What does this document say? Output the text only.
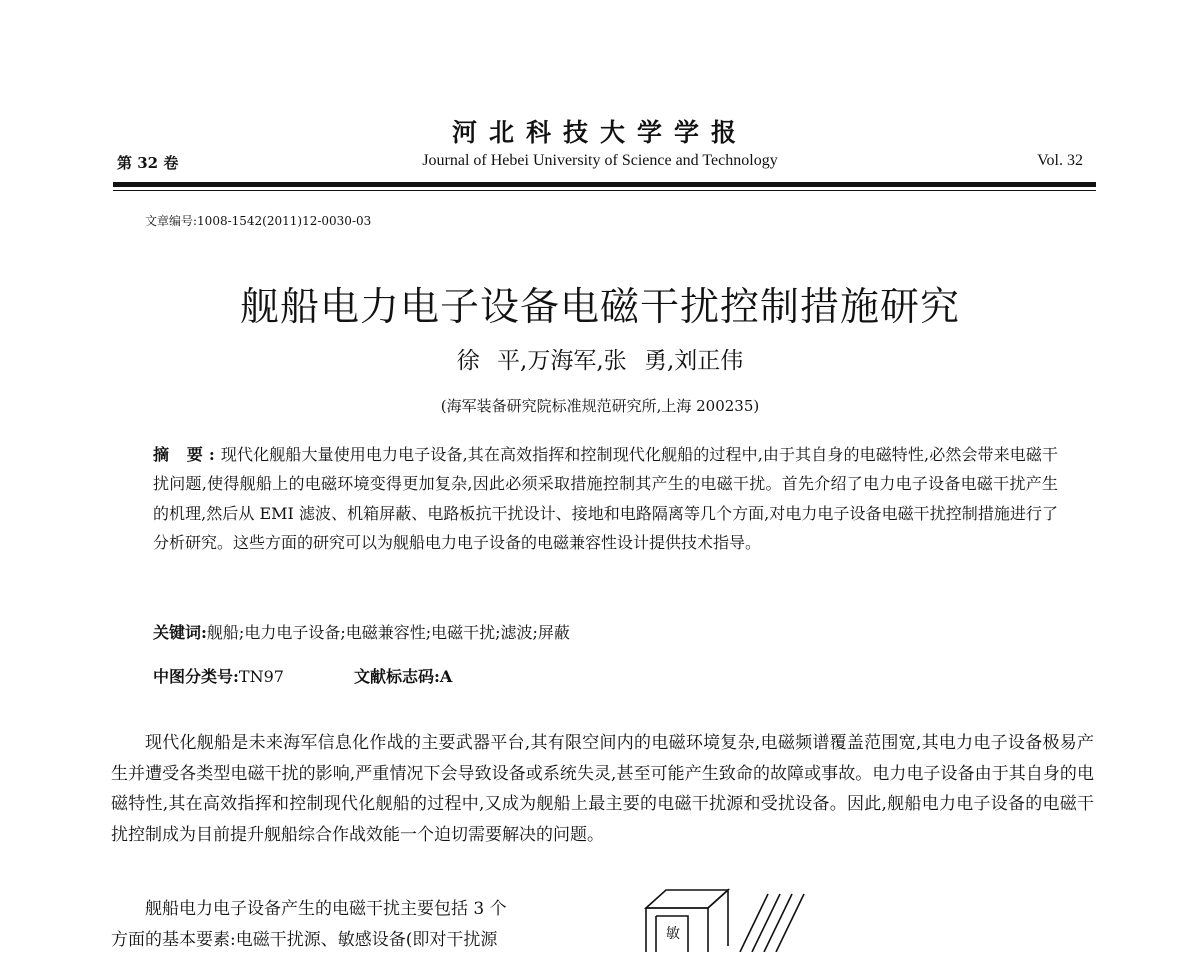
河北科技大学学报
第 32 卷	Journal of Hebei University of Science and Technology	Vol. 32
文章编号:1008-1542(2011)12-0030-03
舰船电力电子设备电磁干扰控制措施研究
徐 平,万海军,张 勇,刘正伟
(海军装备研究院标准规范研究所,上海 200235)
摘 要:现代化舰船大量使用电力电子设备,其在高效指挥和控制现代化舰船的过程中,由于其自身的电磁特性,必然会带来电磁干扰问题,使得舰船上的电磁环境变得更加复杂,因此必须采取措施控制其产生的电磁干扰。首先介绍了电力电子设备电磁干扰产生的机理,然后从 EMI 滤波、机箱屏蔽、电路板抗干扰设计、接地和电路隔离等几个方面,对电力电子设备电磁干扰控制措施进行了分析研究。这些方面的研究可以为舰船电力电子设备的电磁兼容性设计提供技术指导。
关键词:舰船;电力电子设备;电磁兼容性;电磁干扰;滤波;屏蔽
中图分类号:TN97	文献标志码:A

现代化舰船是未来海军信息化作战的主要武器平台,其有限空间内的电磁环境复杂,电磁频谱覆盖范围宽,其电力电子设备极易产生并遭受各类型电磁干扰的影响,严重情况下会导致设备或系统失灵,甚至可能产生致命的故障或事故。电力电子设备由于其自身的电磁特性,其在高效指挥和控制现代化舰船的过程中,又成为舰船上最主要的电磁干扰源和受扰设备。因此,舰船电力电子设备的电磁干扰控制成为目前提升舰船综合作战效能一个迫切需要解决的问题。

舰船电力电子设备产生的电磁干扰主要包括 3 个
方面的基本要素:电磁干扰源、敏感设备(即对干扰源	敏
